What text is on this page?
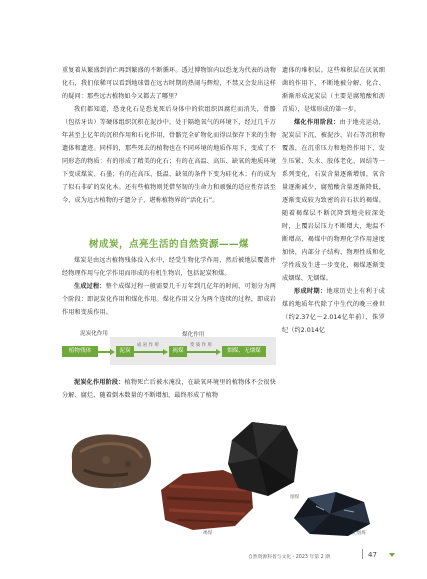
重复着从繁盛到消亡再到繁盛的不断循环。透过博物馆内以恐龙为代表的动物化石，我们依稀可以看到地球曾在远古时期的热闹与辉煌，不禁又会发出这样的疑问：那些远古植物如今又都去了哪里？

我们都知道，恐龙化石是恐龙死后身体中的软组织因腐烂而消失，骨骼（包括牙齿）等硬体组织沉积在泥沙中，处于隔绝氧气的环境下，经过几千万年甚至上亿年的沉积作用和石化作用，骨骼完全矿物化而得以保存下来的生物遗体和遗迹。同样的，那些死去的植物也在不同环境的地质作用下，变成了不同形态的物质：有的形成了精美的化石；有的在高温、高压、缺氧的地质环境下变成煤炭、石墨；有的在高压、低温、缺氧的条件下变为硅化木；有的成为了似石非矿的炭化木。还有些植物则凭借坚韧的生命力和顽强的适应性存活至今，成为远古植物的孑遗分子，堪称植物界的“活化石”。

遗体的堆积层。这些堆积层在厌氧细菌的作用下，不断地被分解、化合、渐渐形成泥炭层（主要是腐殖酸和沥青质），是煤形成的第一步。

煤化作用阶段：由于地壳运动，泥炭层下沉，被泥沙、岩石等沉积物覆盖，在沉重压力和地热作用下，发生压紧、失水、胶体老化、固结等一系列变化，石炭含量逐渐增加，氧含量逐渐减少，腐殖酸含量逐渐降低，逐渐变成较为致密的岩石状的褐煤。随着褐煤层不断沉降到地壳较深处时，上覆岩层压力不断增大，地温不断增高，褐煤中的物理化学作用速度加快，内部分子结构、物理性质和化学性质发生进一步变化，褐煤逐渐变成烟煤、无烟煤。

形成时期：地球历史上有利于成煤的地质年代除了中生代的晚三叠世（约2.37亿～2.014亿年前）、侏罗纪（约2.014亿

树成炭，点亮生活的自然资源——煤

煤炭是由远古植物残体没入水中，经受生物化学作用，然后被地层覆盖并经物理作用与化学作用而形成的有机生物岩，包括泥炭和煤。

生成过程：整个成煤过程一般需要几千万年到几亿年的时间，可划分为两个阶段：即泥炭化作用和煤化作用。煤化作用又分为两个连续的过程，即成岩作用和变质作用。

泥炭化作用	煤化作用
植物残体	泥炭
成 岩 作 用
褐煤
变 质 作 用
烟煤、无烟煤

泥炭化作用阶段：植物死亡后被水淹没，在缺氧环境里的植物体不会很快分解、腐烂，随着倒木数量的不断增加，最终形成了植物

泥炭
褐煤
烟煤
无烟煤
自然资源科普与文化 · 2023 年第 2 期	47
